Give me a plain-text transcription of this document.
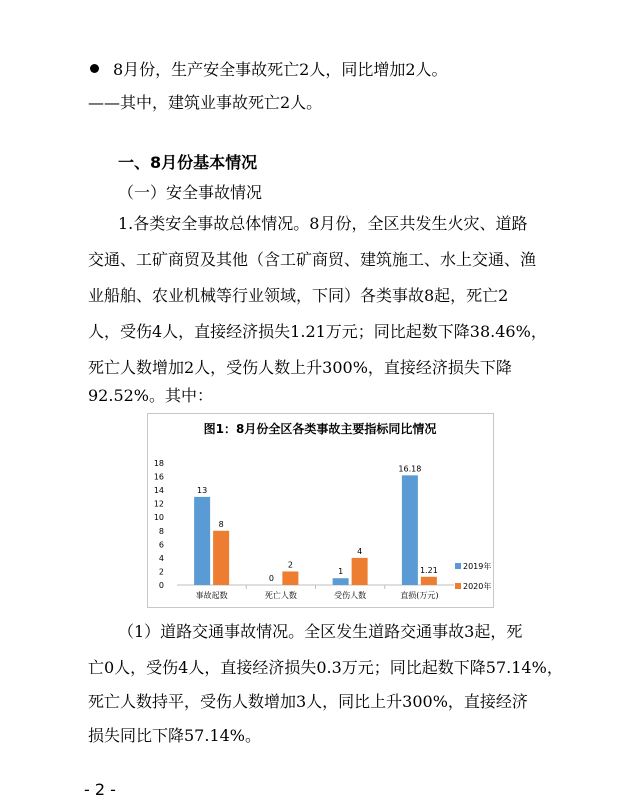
8月份，生产安全事故死亡2人，同比增加2人。
——其中，建筑业事故死亡2人。
一、8月份基本情况
（一）安全事故情况
1.各类安全事故总体情况。8月份，全区共发生火灾、道路
交通、工矿商贸及其他（含工矿商贸、建筑施工、水上交通、渔
业船舶、农业机械等行业领域，下同）各类事故8起，死亡2
人，受伤4人，直接经济损失1.21万元；同比起数下降38.46%，
死亡人数增加2人，受伤人数上升300%，直接经济损失下降
92.52%。其中：
图1：8月份全区各类事故主要指标同比情况
0
2
4
6
8
10
12
14
16
18
事故起数
13
8
死亡人数
0
2
受伤人数
1
4
直损(万元)
16.18
1.21	2019年
2020年
（1）道路交通事故情况。全区发生道路交通事故3起，死
亡0人，受伤4人，直接经济损失0.3万元；同比起数下降57.14%，
死亡人数持平，受伤人数增加3人，同比上升300%，直接经济
损失同比下降57.14%。
- 2 -
